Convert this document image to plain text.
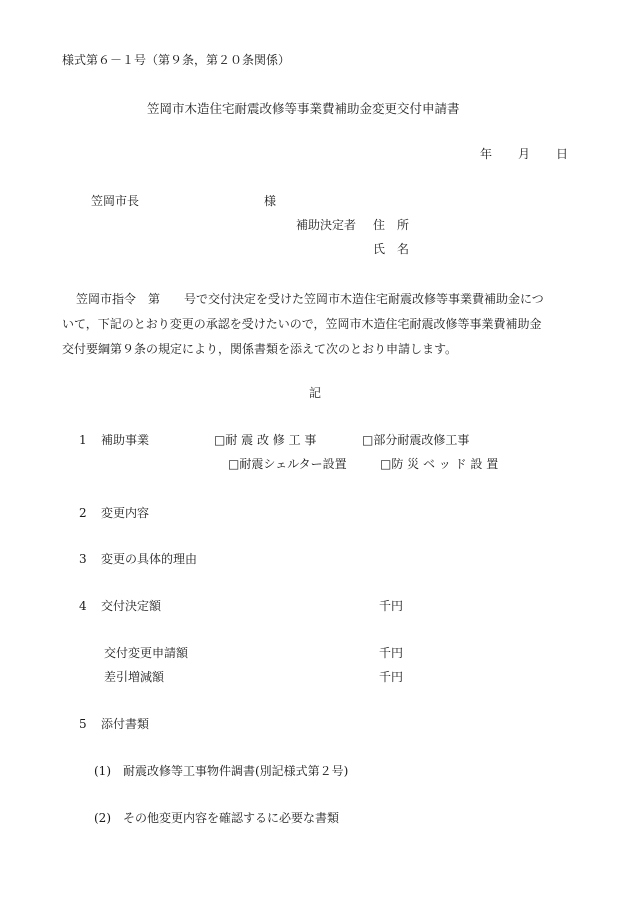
様式第６－１号（第９条，第２０条関係）
笠岡市木造住宅耐震改修等事業費補助金変更交付申請書
年 月 日
笠岡市長	様
補助決定者 住　所
氏　名
笠岡市指令　第　　号で交付決定を受けた笠岡市木造住宅耐震改修等事業費補助金につ
いて，下記のとおり変更の承認を受けたいので，笠岡市木造住宅耐震改修等事業費補助金
交付要綱第９条の規定により，関係書類を添えて次のとおり申請します。
記
1 補助事業	□耐 震 改 修 工 事	□部分耐震改修工事
□耐震シェルター設置	□防 災 ベ ッ ド 設 置
2 変更内容
3 変更の具体的理由
4 交付決定額	千円
交付変更申請額	千円
差引増減額	千円
5 添付書類
(1)　耐震改修等工事物件調書(別記様式第２号)
(2)　その他変更内容を確認するに必要な書類
